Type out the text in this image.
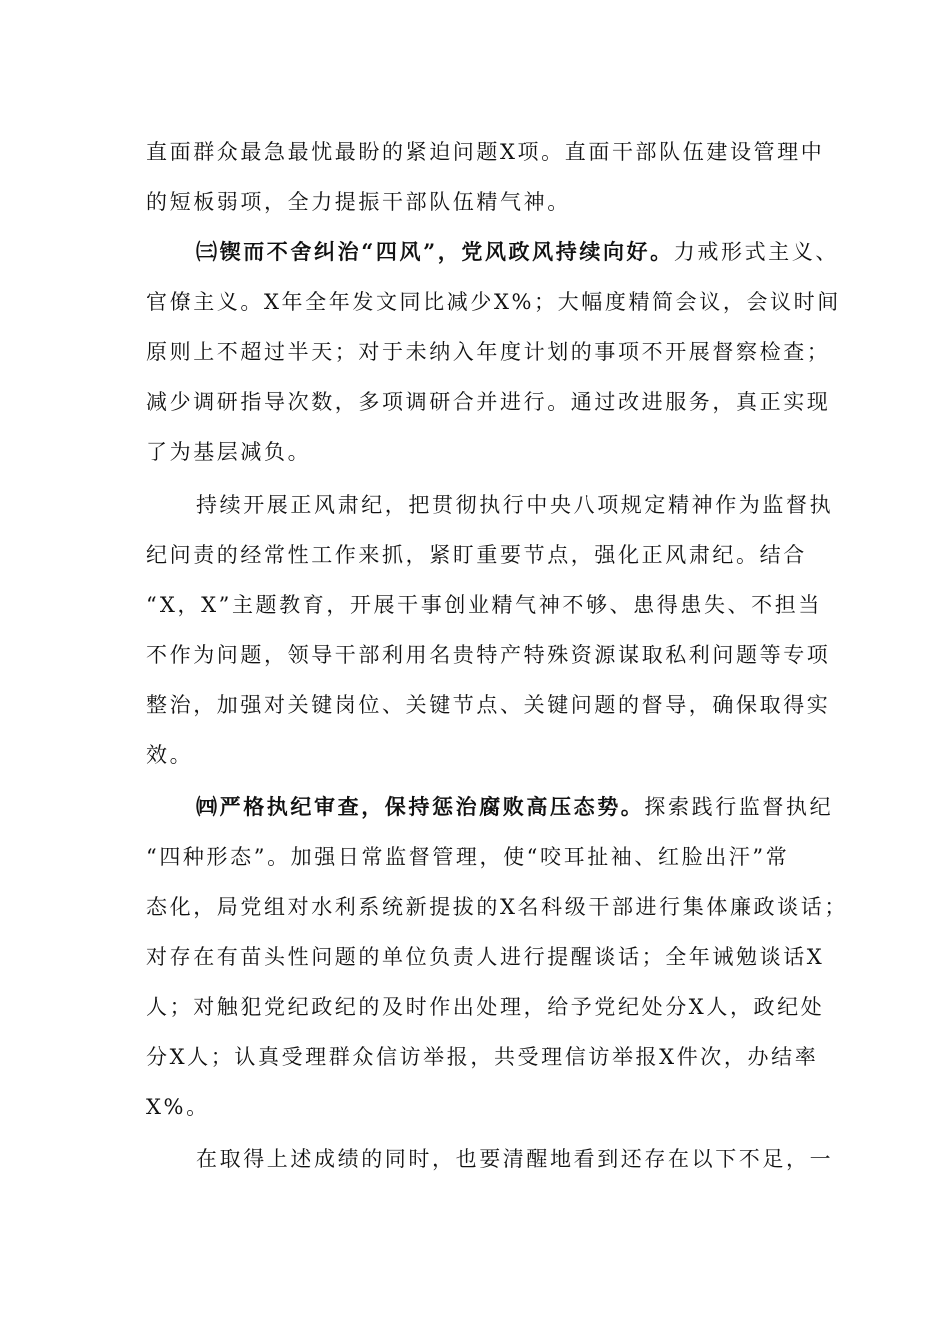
直面群众最急最忧最盼的紧迫问题X项。直面干部队伍建设管理中
的短板弱项，全力提振干部队伍精气神。
㈢锲而不舍纠治“四风”，党风政风持续向好。力戒形式主义、
官僚主义。X年全年发文同比减少X%；大幅度精简会议，会议时间
原则上不超过半天；对于未纳入年度计划的事项不开展督察检查；
减少调研指导次数，多项调研合并进行。通过改进服务，真正实现
了为基层减负。
持续开展正风肃纪，把贯彻执行中央八项规定精神作为监督执
纪问责的经常性工作来抓，紧盯重要节点，强化正风肃纪。结合
“X，X”主题教育，开展干事创业精气神不够、患得患失、不担当
不作为问题，领导干部利用名贵特产特殊资源谋取私利问题等专项
整治，加强对关键岗位、关键节点、关键问题的督导，确保取得实
效。
㈣严格执纪审查，保持惩治腐败高压态势。探索践行监督执纪
“四种形态”。加强日常监督管理，使“咬耳扯袖、红脸出汗”常
态化，局党组对水利系统新提拔的X名科级干部进行集体廉政谈话；
对存在有苗头性问题的单位负责人进行提醒谈话；全年诫勉谈话X
人；对触犯党纪政纪的及时作出处理，给予党纪处分X人，政纪处
分X人；认真受理群众信访举报，共受理信访举报X件次，办结率
X%。
在取得上述成绩的同时，也要清醒地看到还存在以下不足，一
